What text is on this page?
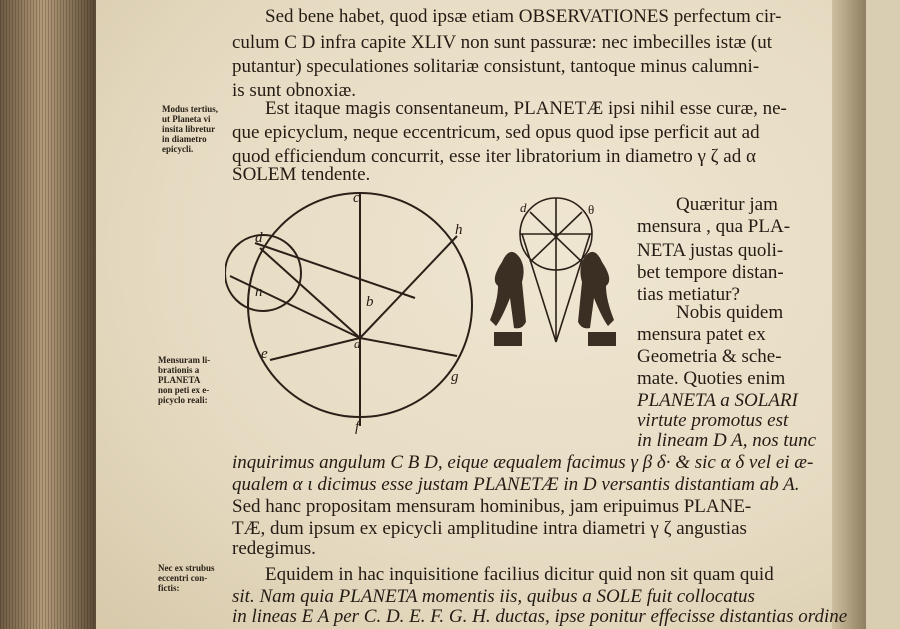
Modus tertius,
ut Planeta vi
insita libretur
in diametro
epicycli.
Mensuram li-
brationis a
PLANETA
non peti ex e-
picyclo reali:
Nec ex strubus
eccentri con-
fictis:
Sed bene habet, quod ipsæ etiam OBSERVATIONES perfectum cir-
culum C D infra capite XLIV non sunt passuræ: nec imbecilles istæ (ut
putantur) speculationes solitariæ consistunt, tantoque minus calumni-
is sunt obnoxiæ.
Est itaque magis consentaneum, PLANETÆ ipsi nihil esse curæ, ne-
que epicyclum, neque eccentricum, sed opus quod ipse perficit aut ad
quod efficiendum concurrit, esse iter libratorium in diametro γ ζ ad α
SOLEM tendente.
Quæritur jam
mensura , qua PLA-
NETA justas quoli-
bet tempore distan-
tias metiatur?
Nobis quidem
mensura patet ex
Geometria & sche-
mate. Quoties enim
PLANETA a SOLARI
virtute promotus est
in lineam D A, nos tunc
inquirimus angulum C B D, eique æqualem facimus γ β δ· & sic α δ vel ei æ-
qualem α ι dicimus esse justam PLANETÆ in D versantis distantiam ab A.
Sed hanc propositam mensuram hominibus, jam eripuimus PLANE-
TÆ, dum ipsum ex epicycli amplitudine intra diametri γ ζ angustias
redegimus.
Equidem in hac inquisitione facilius dicitur quid non sit quam quid
sit. Nam quia PLANETA momentis iis, quibus a SOLE fuit collocatus
in lineas E A per C. D. E. F. G. H. ductas, ipse ponitur effecisse distantias ordine
c
d	h
b
n
e
g
f
a
d	θ
